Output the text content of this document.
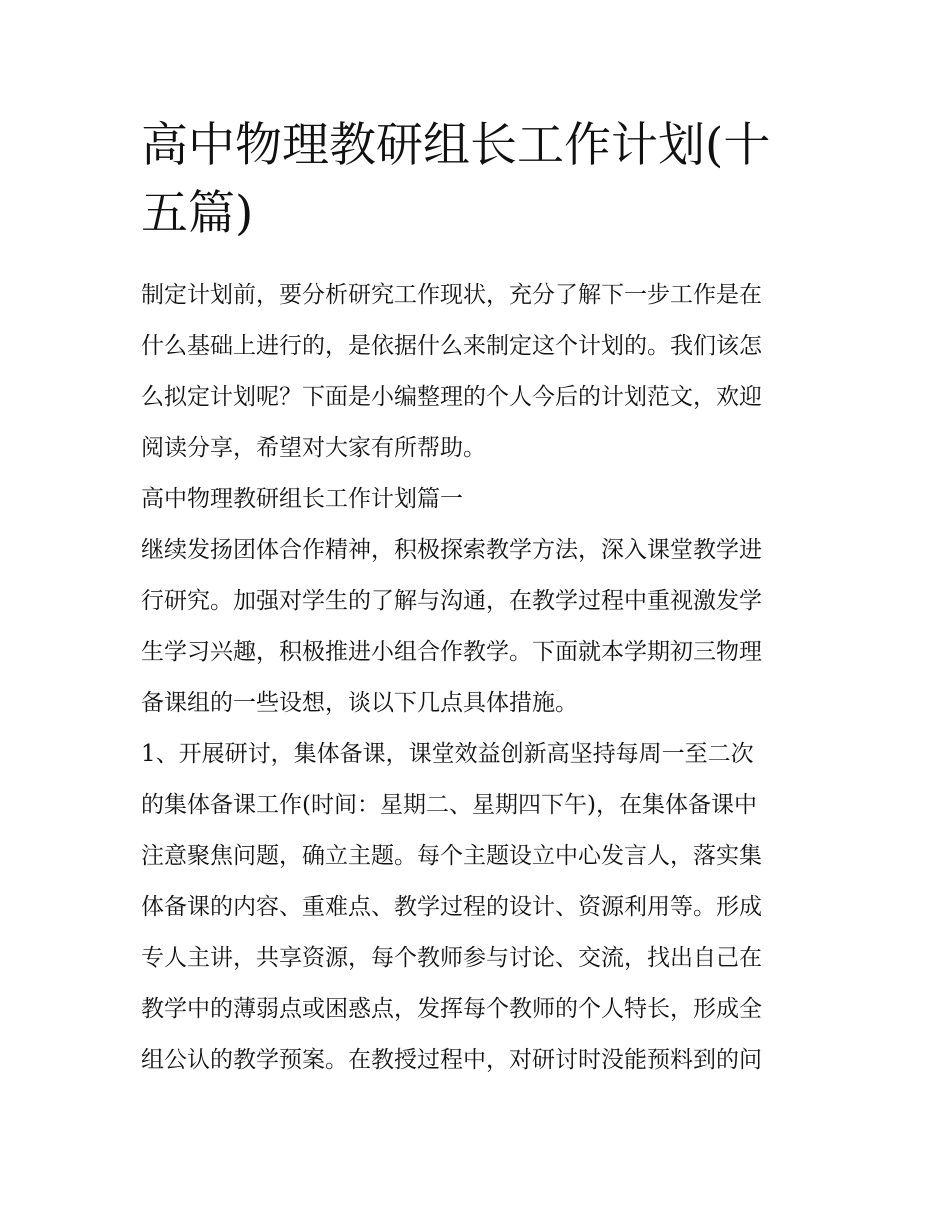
高中物理教研组长工作计划(十
五篇)

制定计划前，要分析研究工作现状，充分了解下一步工作是在
什么基础上进行的，是依据什么来制定这个计划的。我们该怎
么拟定计划呢？下面是小编整理的个人今后的计划范文，欢迎
阅读分享，希望对大家有所帮助。

高中物理教研组长工作计划篇一

继续发扬团体合作精神，积极探索教学方法，深入课堂教学进
行研究。加强对学生的了解与沟通，在教学过程中重视激发学
生学习兴趣，积极推进小组合作教学。下面就本学期初三物理
备课组的一些设想，谈以下几点具体措施。

1、开展研讨，集体备课，课堂效益创新高坚持每周一至二次
的集体备课工作(时间：星期二、星期四下午)，在集体备课中
注意聚焦问题，确立主题。每个主题设立中心发言人，落实集
体备课的内容、重难点、教学过程的设计、资源利用等。形成
专人主讲，共享资源，每个教师参与讨论、交流，找出自己在
教学中的薄弱点或困惑点，发挥每个教师的个人特长，形成全
组公认的教学预案。在教授过程中，对研讨时没能预料到的问
